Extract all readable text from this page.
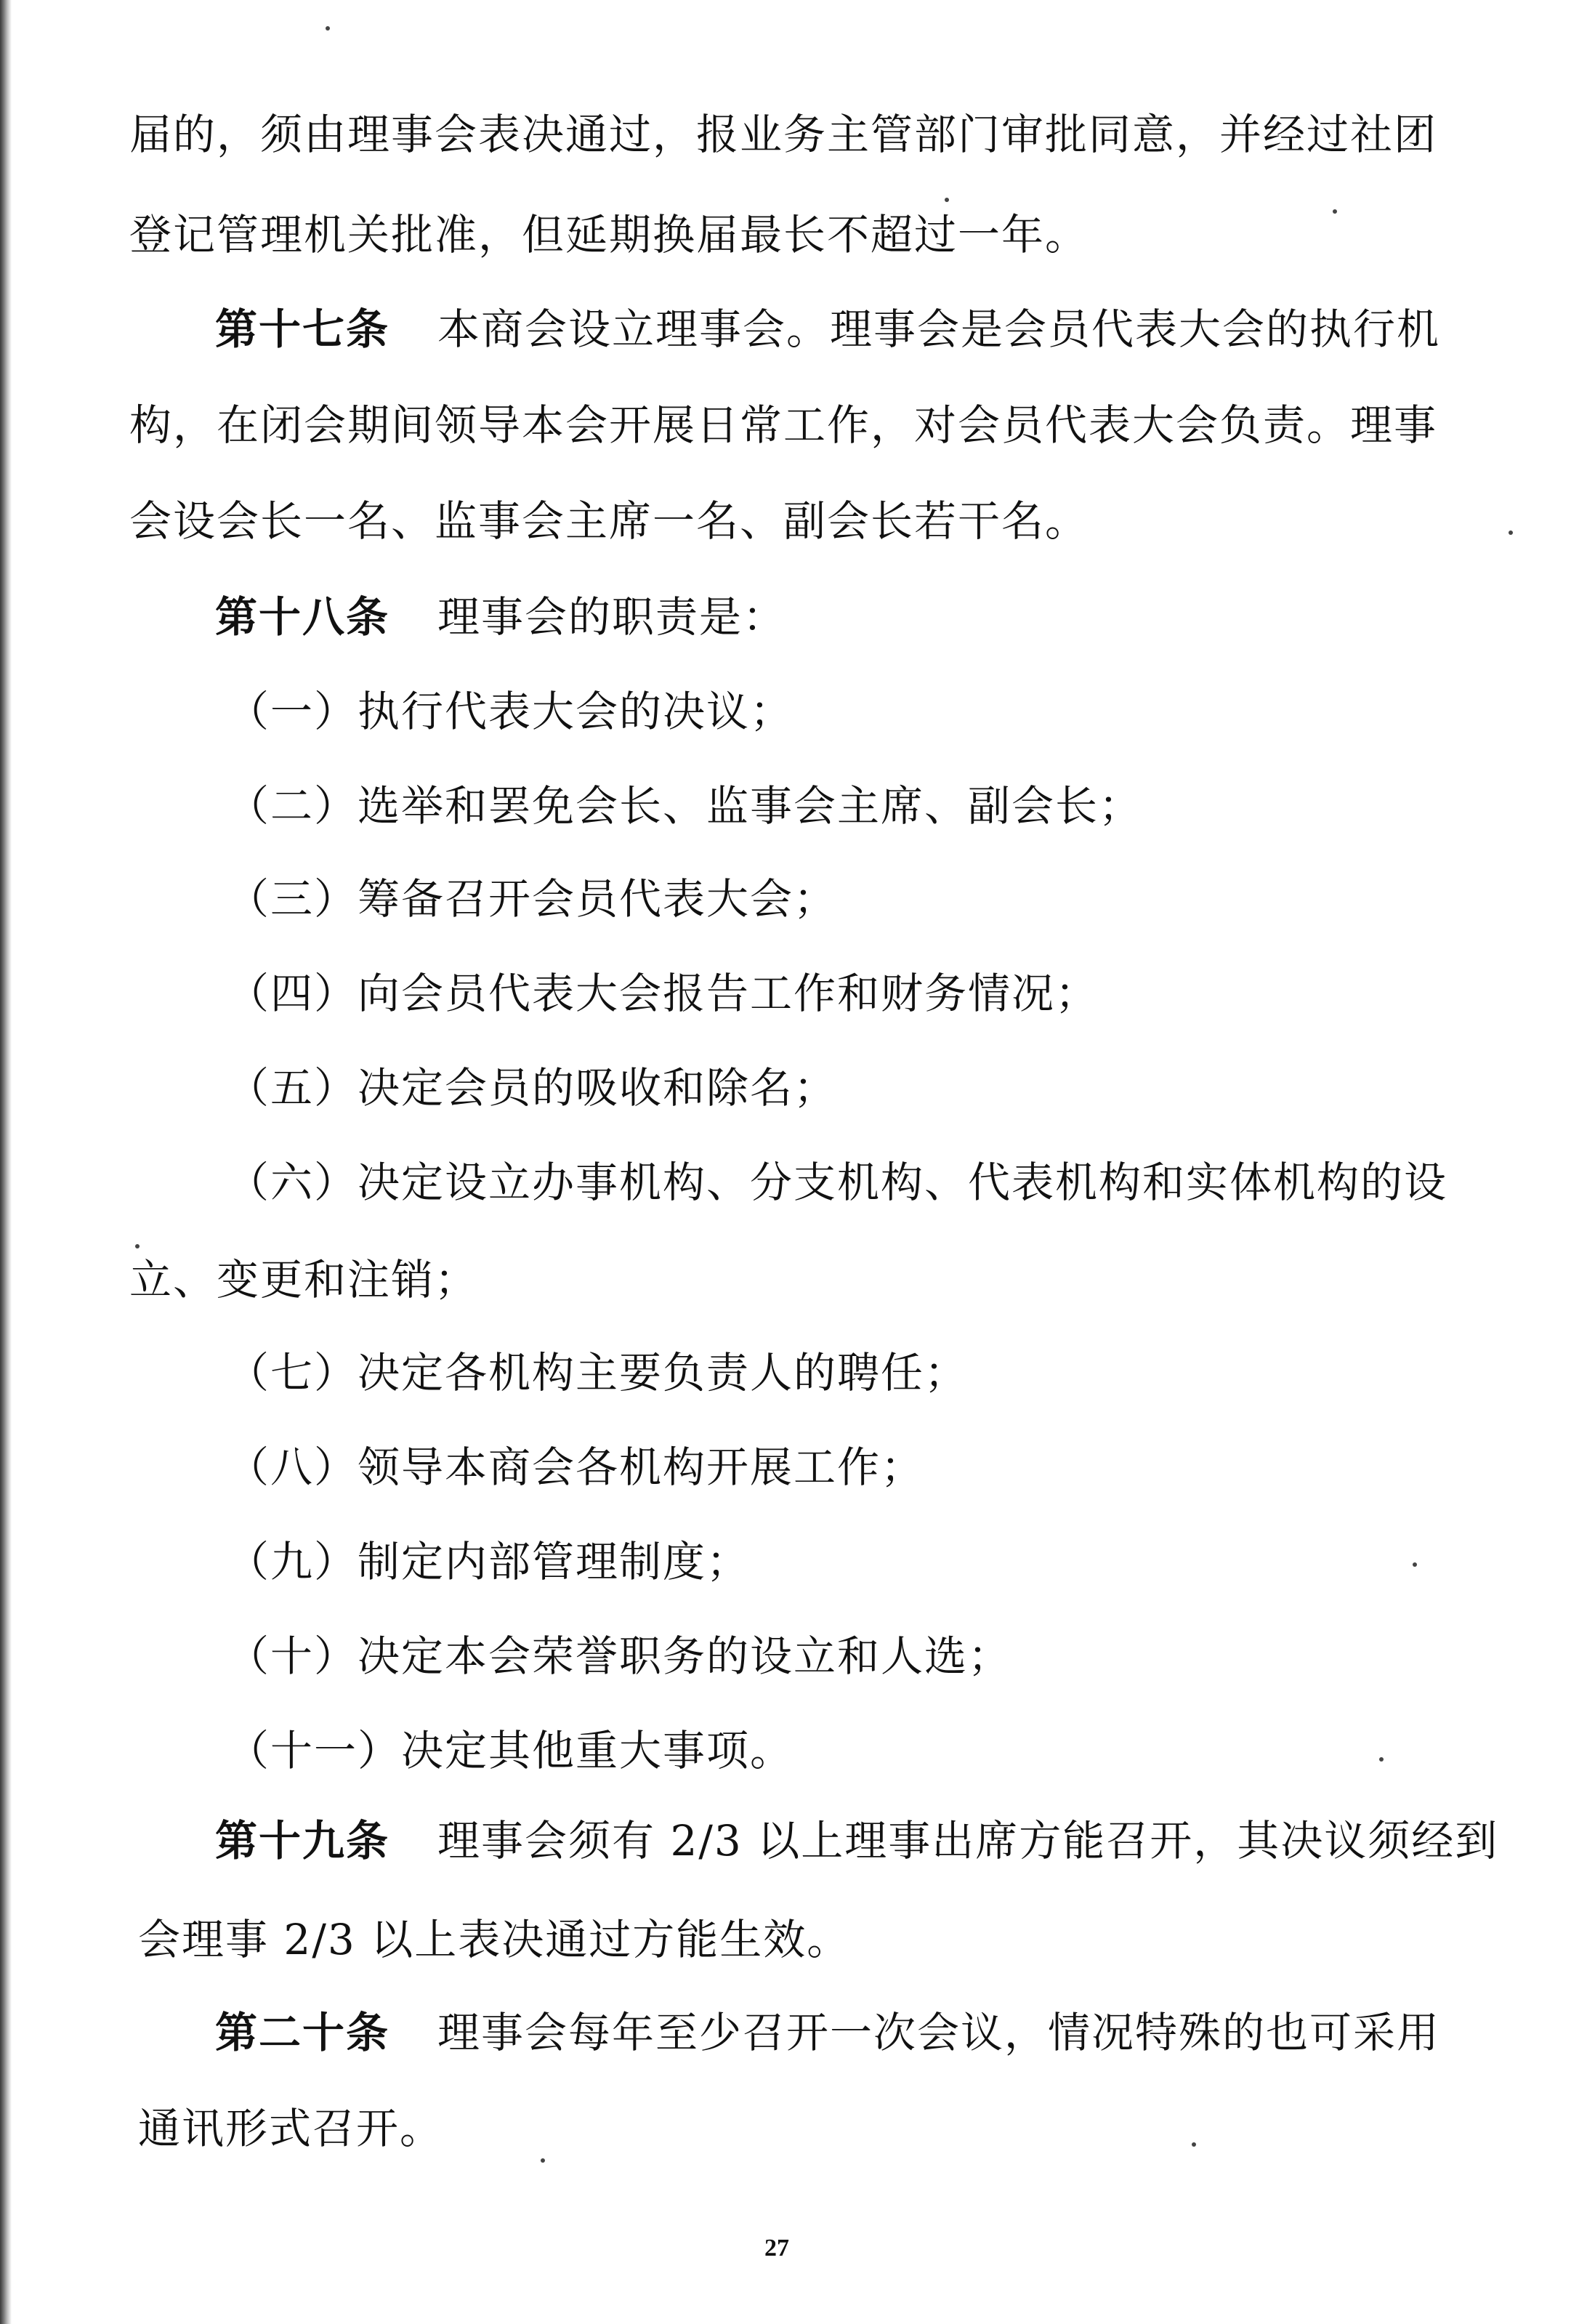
届的，须由理事会表决通过，报业务主管部门审批同意，并经过社团
登记管理机关批准，但延期换届最长不超过一年。
第十七条 本商会设立理事会。理事会是会员代表大会的执行机
构，在闭会期间领导本会开展日常工作，对会员代表大会负责。理事
会设会长一名、监事会主席一名、副会长若干名。
第十八条 理事会的职责是：
（一）执行代表大会的决议；
（二）选举和罢免会长、监事会主席、副会长；
（三）筹备召开会员代表大会；
（四）向会员代表大会报告工作和财务情况；
（五）决定会员的吸收和除名；
（六）决定设立办事机构、分支机构、代表机构和实体机构的设
立、变更和注销；
（七）决定各机构主要负责人的聘任；
（八）领导本商会各机构开展工作；
（九）制定内部管理制度；
（十）决定本会荣誉职务的设立和人选；
（十一）决定其他重大事项。
第十九条 理事会须有 2/3 以上理事出席方能召开，其决议须经到
会理事 2/3 以上表决通过方能生效。
第二十条 理事会每年至少召开一次会议，情况特殊的也可采用
通讯形式召开。
27
